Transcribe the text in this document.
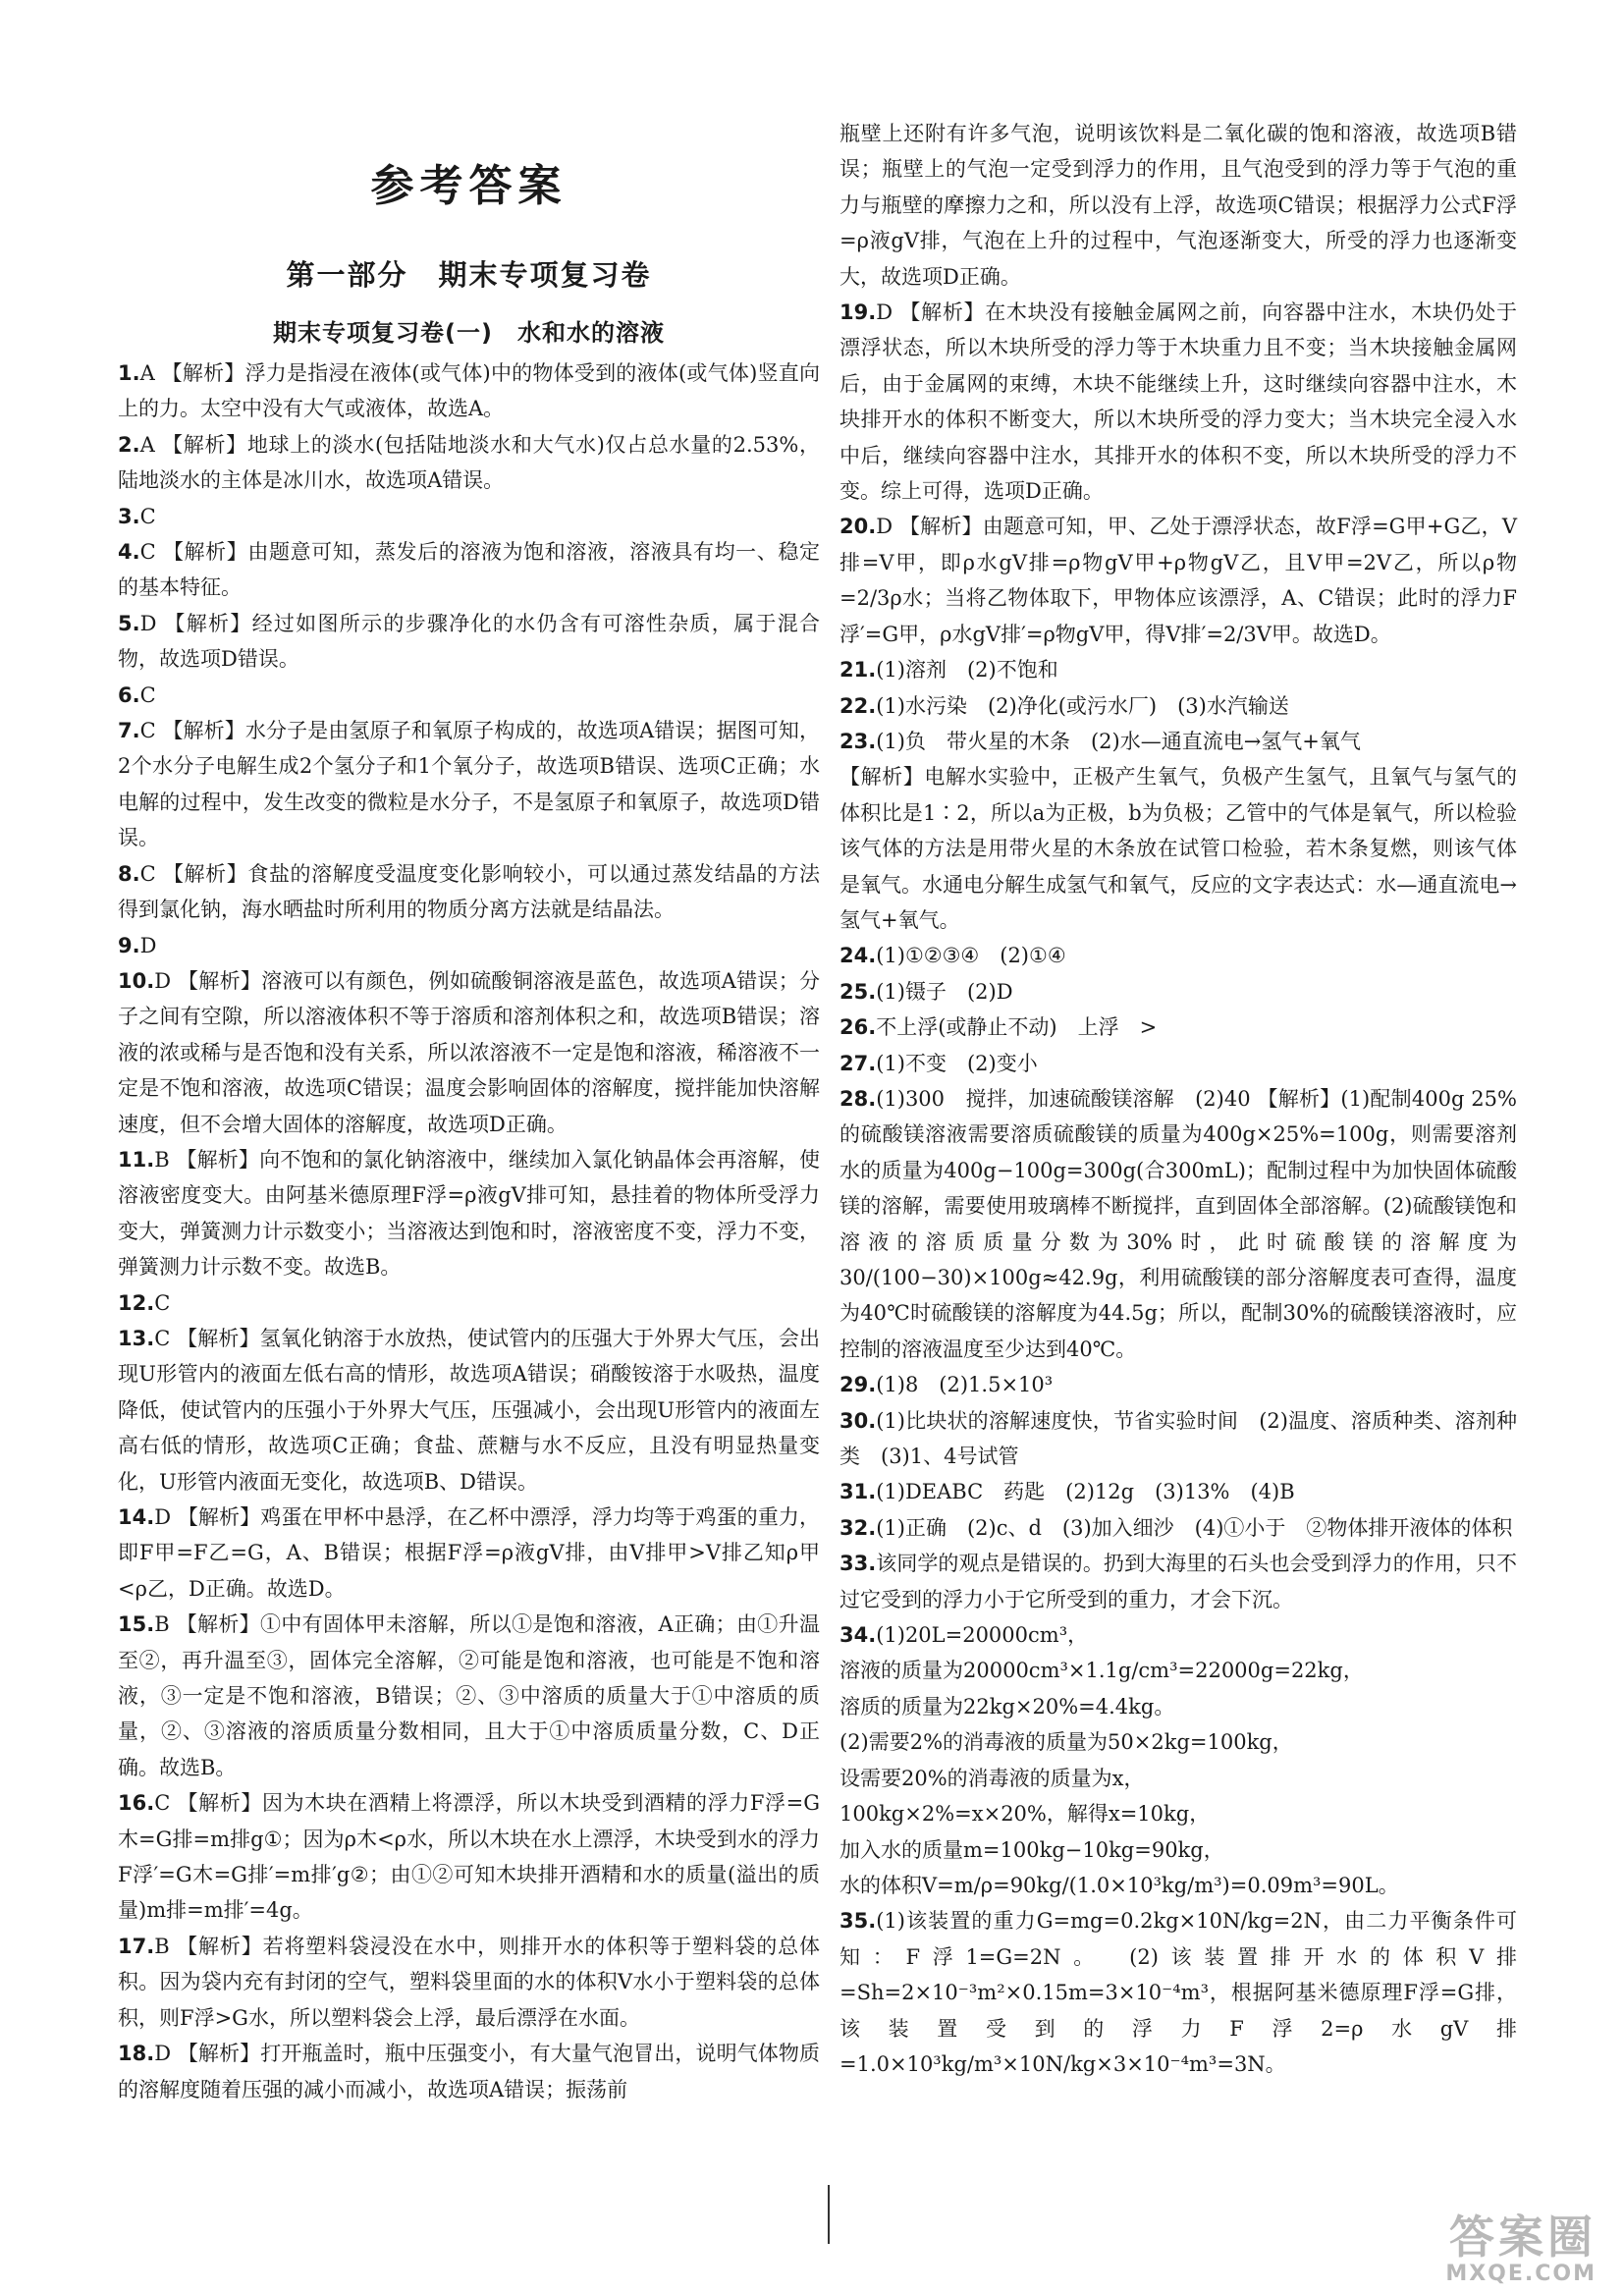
参考答案
第一部分　期末专项复习卷
期末专项复习卷(一)　水和水的溶液

1.A 【解析】浮力是指浸在液体(或气体)中的物体受到的液体(或气体)竖直向上的力。太空中没有大气或液体，故选A。

2.A 【解析】地球上的淡水(包括陆地淡水和大气水)仅占总水量的2.53%，陆地淡水的主体是冰川水，故选项A错误。

3.C

4.C 【解析】由题意可知，蒸发后的溶液为饱和溶液，溶液具有均一、稳定的基本特征。

5.D 【解析】经过如图所示的步骤净化的水仍含有可溶性杂质，属于混合物，故选项D错误。

6.C

7.C 【解析】水分子是由氢原子和氧原子构成的，故选项A错误；据图可知，2个水分子电解生成2个氢分子和1个氧分子，故选项B错误、选项C正确；水电解的过程中，发生改变的微粒是水分子，不是氢原子和氧原子，故选项D错误。

8.C 【解析】食盐的溶解度受温度变化影响较小，可以通过蒸发结晶的方法得到氯化钠，海水晒盐时所利用的物质分离方法就是结晶法。

9.D

10.D 【解析】溶液可以有颜色，例如硫酸铜溶液是蓝色，故选项A错误；分子之间有空隙，所以溶液体积不等于溶质和溶剂体积之和，故选项B错误；溶液的浓或稀与是否饱和没有关系，所以浓溶液不一定是饱和溶液，稀溶液不一定是不饱和溶液，故选项C错误；温度会影响固体的溶解度，搅拌能加快溶解速度，但不会增大固体的溶解度，故选项D正确。

11.B 【解析】向不饱和的氯化钠溶液中，继续加入氯化钠晶体会再溶解，使溶液密度变大。由阿基米德原理F浮=ρ液gV排可知，悬挂着的物体所受浮力变大，弹簧测力计示数变小；当溶液达到饱和时，溶液密度不变，浮力不变，弹簧测力计示数不变。故选B。

12.C

13.C 【解析】氢氧化钠溶于水放热，使试管内的压强大于外界大气压，会出现U形管内的液面左低右高的情形，故选项A错误；硝酸铵溶于水吸热，温度降低，使试管内的压强小于外界大气压，压强减小，会出现U形管内的液面左高右低的情形，故选项C正确；食盐、蔗糖与水不反应，且没有明显热量变化，U形管内液面无变化，故选项B、D错误。

14.D 【解析】鸡蛋在甲杯中悬浮，在乙杯中漂浮，浮力均等于鸡蛋的重力，即F甲=F乙=G，A、B错误；根据F浮=ρ液gV排，由V排甲>V排乙知ρ甲<ρ乙，D正确。故选D。

15.B 【解析】①中有固体甲未溶解，所以①是饱和溶液，A正确；由①升温至②，再升温至③，固体完全溶解，②可能是饱和溶液，也可能是不饱和溶液，③一定是不饱和溶液，B错误；②、③中溶质的质量大于①中溶质的质量，②、③溶液的溶质质量分数相同，且大于①中溶质质量分数，C、D正确。故选B。

16.C 【解析】因为木块在酒精上将漂浮，所以木块受到酒精的浮力F浮=G木=G排=m排g①；因为ρ木<ρ水，所以木块在水上漂浮，木块受到水的浮力F浮′=G木=G排′=m排′g②；由①②可知木块排开酒精和水的质量(溢出的质量)m排=m排′=4g。

17.B 【解析】若将塑料袋浸没在水中，则排开水的体积等于塑料袋的总体积。因为袋内充有封闭的空气，塑料袋里面的水的体积V水小于塑料袋的总体积，则F浮>G水，所以塑料袋会上浮，最后漂浮在水面。

18.D 【解析】打开瓶盖时，瓶中压强变小，有大量气泡冒出，说明气体物质的溶解度随着压强的减小而减小，故选项A错误；振荡前

瓶壁上还附有许多气泡，说明该饮料是二氧化碳的饱和溶液，故选项B错误；瓶壁上的气泡一定受到浮力的作用，且气泡受到的浮力等于气泡的重力与瓶壁的摩擦力之和，所以没有上浮，故选项C错误；根据浮力公式F浮=ρ液gV排，气泡在上升的过程中，气泡逐渐变大，所受的浮力也逐渐变大，故选项D正确。

19.D 【解析】在木块没有接触金属网之前，向容器中注水，木块仍处于漂浮状态，所以木块所受的浮力等于木块重力且不变；当木块接触金属网后，由于金属网的束缚，木块不能继续上升，这时继续向容器中注水，木块排开水的体积不断变大，所以木块所受的浮力变大；当木块完全浸入水中后，继续向容器中注水，其排开水的体积不变，所以木块所受的浮力不变。综上可得，选项D正确。

20.D 【解析】由题意可知，甲、乙处于漂浮状态，故F浮=G甲+G乙，V排=V甲，即ρ水gV排=ρ物gV甲+ρ物gV乙，且V甲=2V乙，所以ρ物=2/3ρ水；当将乙物体取下，甲物体应该漂浮，A、C错误；此时的浮力F浮′=G甲，ρ水gV排′=ρ物gV甲，得V排′=2/3V甲。故选D。

21.(1)溶剂　(2)不饱和

22.(1)水污染　(2)净化(或污水厂)　(3)水汽输送

23.(1)负　带火星的木条　(2)水—通直流电→氢气+氧气

【解析】电解水实验中，正极产生氧气，负极产生氢气，且氧气与氢气的体积比是1∶2，所以a为正极，b为负极；乙管中的气体是氧气，所以检验该气体的方法是用带火星的木条放在试管口检验，若木条复燃，则该气体是氧气。水通电分解生成氢气和氧气，反应的文字表达式：水—通直流电→氢气+氧气。

24.(1)①②③④　(2)①④

25.(1)镊子　(2)D

26.不上浮(或静止不动)　上浮　>

27.(1)不变　(2)变小

28.(1)300　搅拌，加速硫酸镁溶解　(2)40 【解析】(1)配制400g 25%的硫酸镁溶液需要溶质硫酸镁的质量为400g×25%=100g，则需要溶剂水的质量为400g−100g=300g(合300mL)；配制过程中为加快固体硫酸镁的溶解，需要使用玻璃棒不断搅拌，直到固体全部溶解。(2)硫酸镁饱和溶液的溶质质量分数为30%时，此时硫酸镁的溶解度为30/(100−30)×100g≈42.9g，利用硫酸镁的部分溶解度表可查得，温度为40℃时硫酸镁的溶解度为44.5g；所以，配制30%的硫酸镁溶液时，应控制的溶液温度至少达到40℃。

29.(1)8　(2)1.5×10³

30.(1)比块状的溶解速度快，节省实验时间　(2)温度、溶质种类、溶剂种类　(3)1、4号试管

31.(1)DEABC　药匙　(2)12g　(3)13%　(4)B

32.(1)正确　(2)c、d　(3)加入细沙　(4)①小于　②物体排开液体的体积

33.该同学的观点是错误的。扔到大海里的石头也会受到浮力的作用，只不过它受到的浮力小于它所受到的重力，才会下沉。

34.(1)20L=20000cm³，

溶液的质量为20000cm³×1.1g/cm³=22000g=22kg，

溶质的质量为22kg×20%=4.4kg。

(2)需要2%的消毒液的质量为50×2kg=100kg，

设需要20%的消毒液的质量为x，

100kg×2%=x×20%，解得x=10kg，

加入水的质量m=100kg−10kg=90kg，

水的体积V=m/ρ=90kg/(1.0×10³kg/m³)=0.09m³=90L。

35.(1)该装置的重力G=mg=0.2kg×10N/kg=2N，由二力平衡条件可知：F浮1=G=2N。　(2)该装置排开水的体积V排=Sh=2×10⁻³m²×0.15m=3×10⁻⁴m³，根据阿基米德原理F浮=G排，该装置受到的浮力F浮2=ρ水gV排=1.0×10³kg/m³×10N/kg×3×10⁻⁴m³=3N。

答案圈
MXQE.COM
